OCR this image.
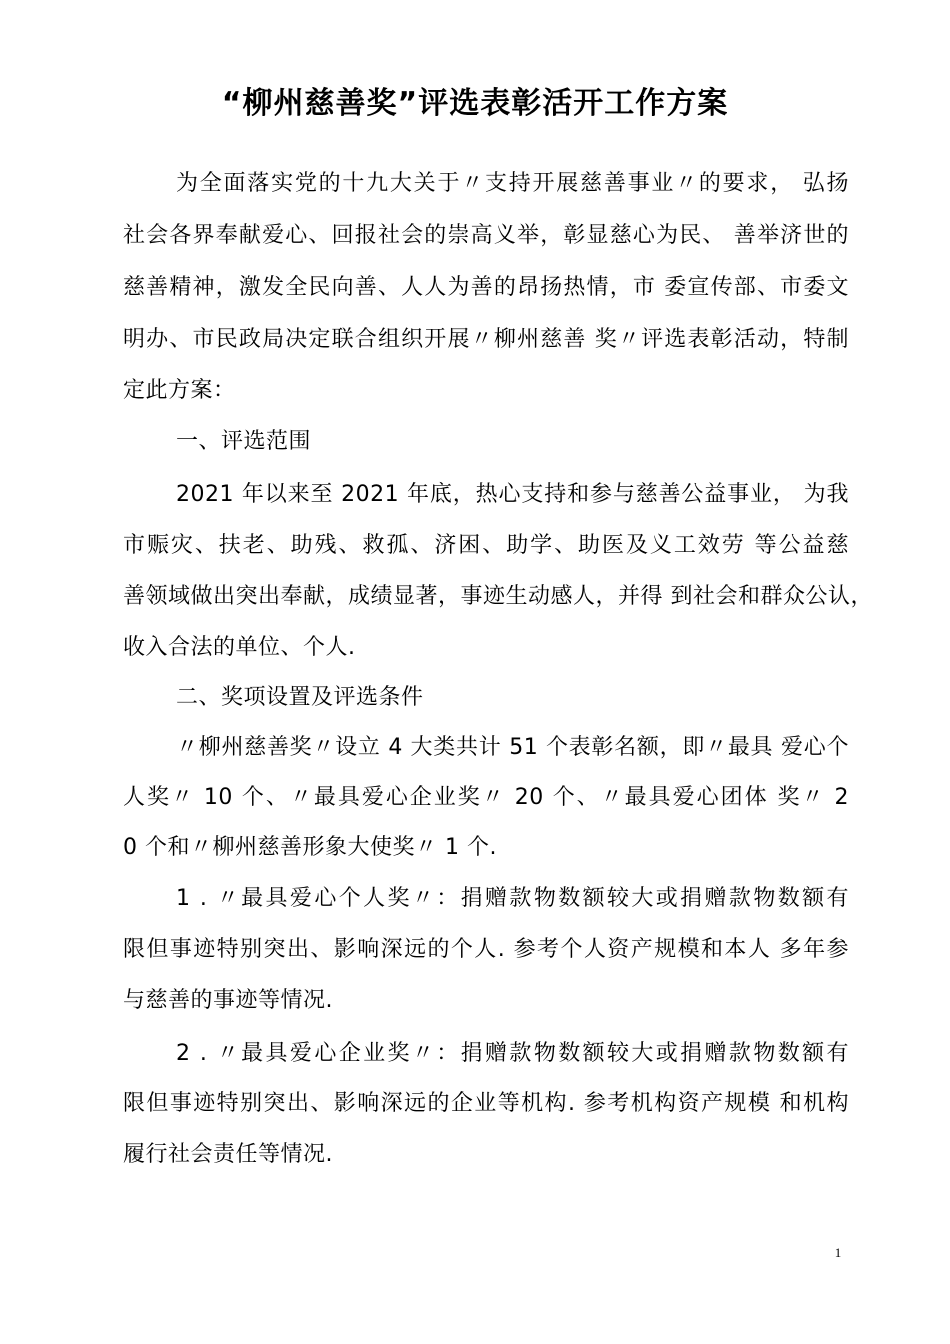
“柳州慈善奖”评选表彰活开工作方案
为全面落实党的十九大关于〃支持开展慈善事业〃的要求， 弘扬
社会各界奉献爱心、回报社会的崇高义举，彰显慈心为民、 善举济世的
慈善精神，激发全民向善、人人为善的昂扬热情，市 委宣传部、市委文
明办、市民政局决定联合组织开展〃柳州慈善 奖〃评选表彰活动，特制
定此方案：
一、评选范围
2021 年以来至 2021 年底，热心支持和参与慈善公益事业， 为我
市赈灾、扶老、助残、救孤、济困、助学、助医及义工效劳 等公益慈
善领域做出突出奉献，成绩显著，事迹生动感人，并得 到社会和群众公认，
收入合法的单位、个人.
二、奖项设置及评选条件
〃柳州慈善奖〃设立 4 大类共计 51 个表彰名额，即〃最具 爱心个
人奖〃 10 个、〃最具爱心企业奖〃 20 个、〃最具爱心团体 奖〃 2
0 个和〃柳州慈善形象大使奖〃 1 个.
1 . 〃最具爱心个人奖〃：捐赠款物数额较大或捐赠款物数额有
限但事迹特别突出、影响深远的个人. 参考个人资产规模和本人 多年参
与慈善的事迹等情况.
2 . 〃最具爱心企业奖〃：捐赠款物数额较大或捐赠款物数额有
限但事迹特别突出、影响深远的企业等机构. 参考机构资产规模 和机构
履行社会责任等情况.
1
